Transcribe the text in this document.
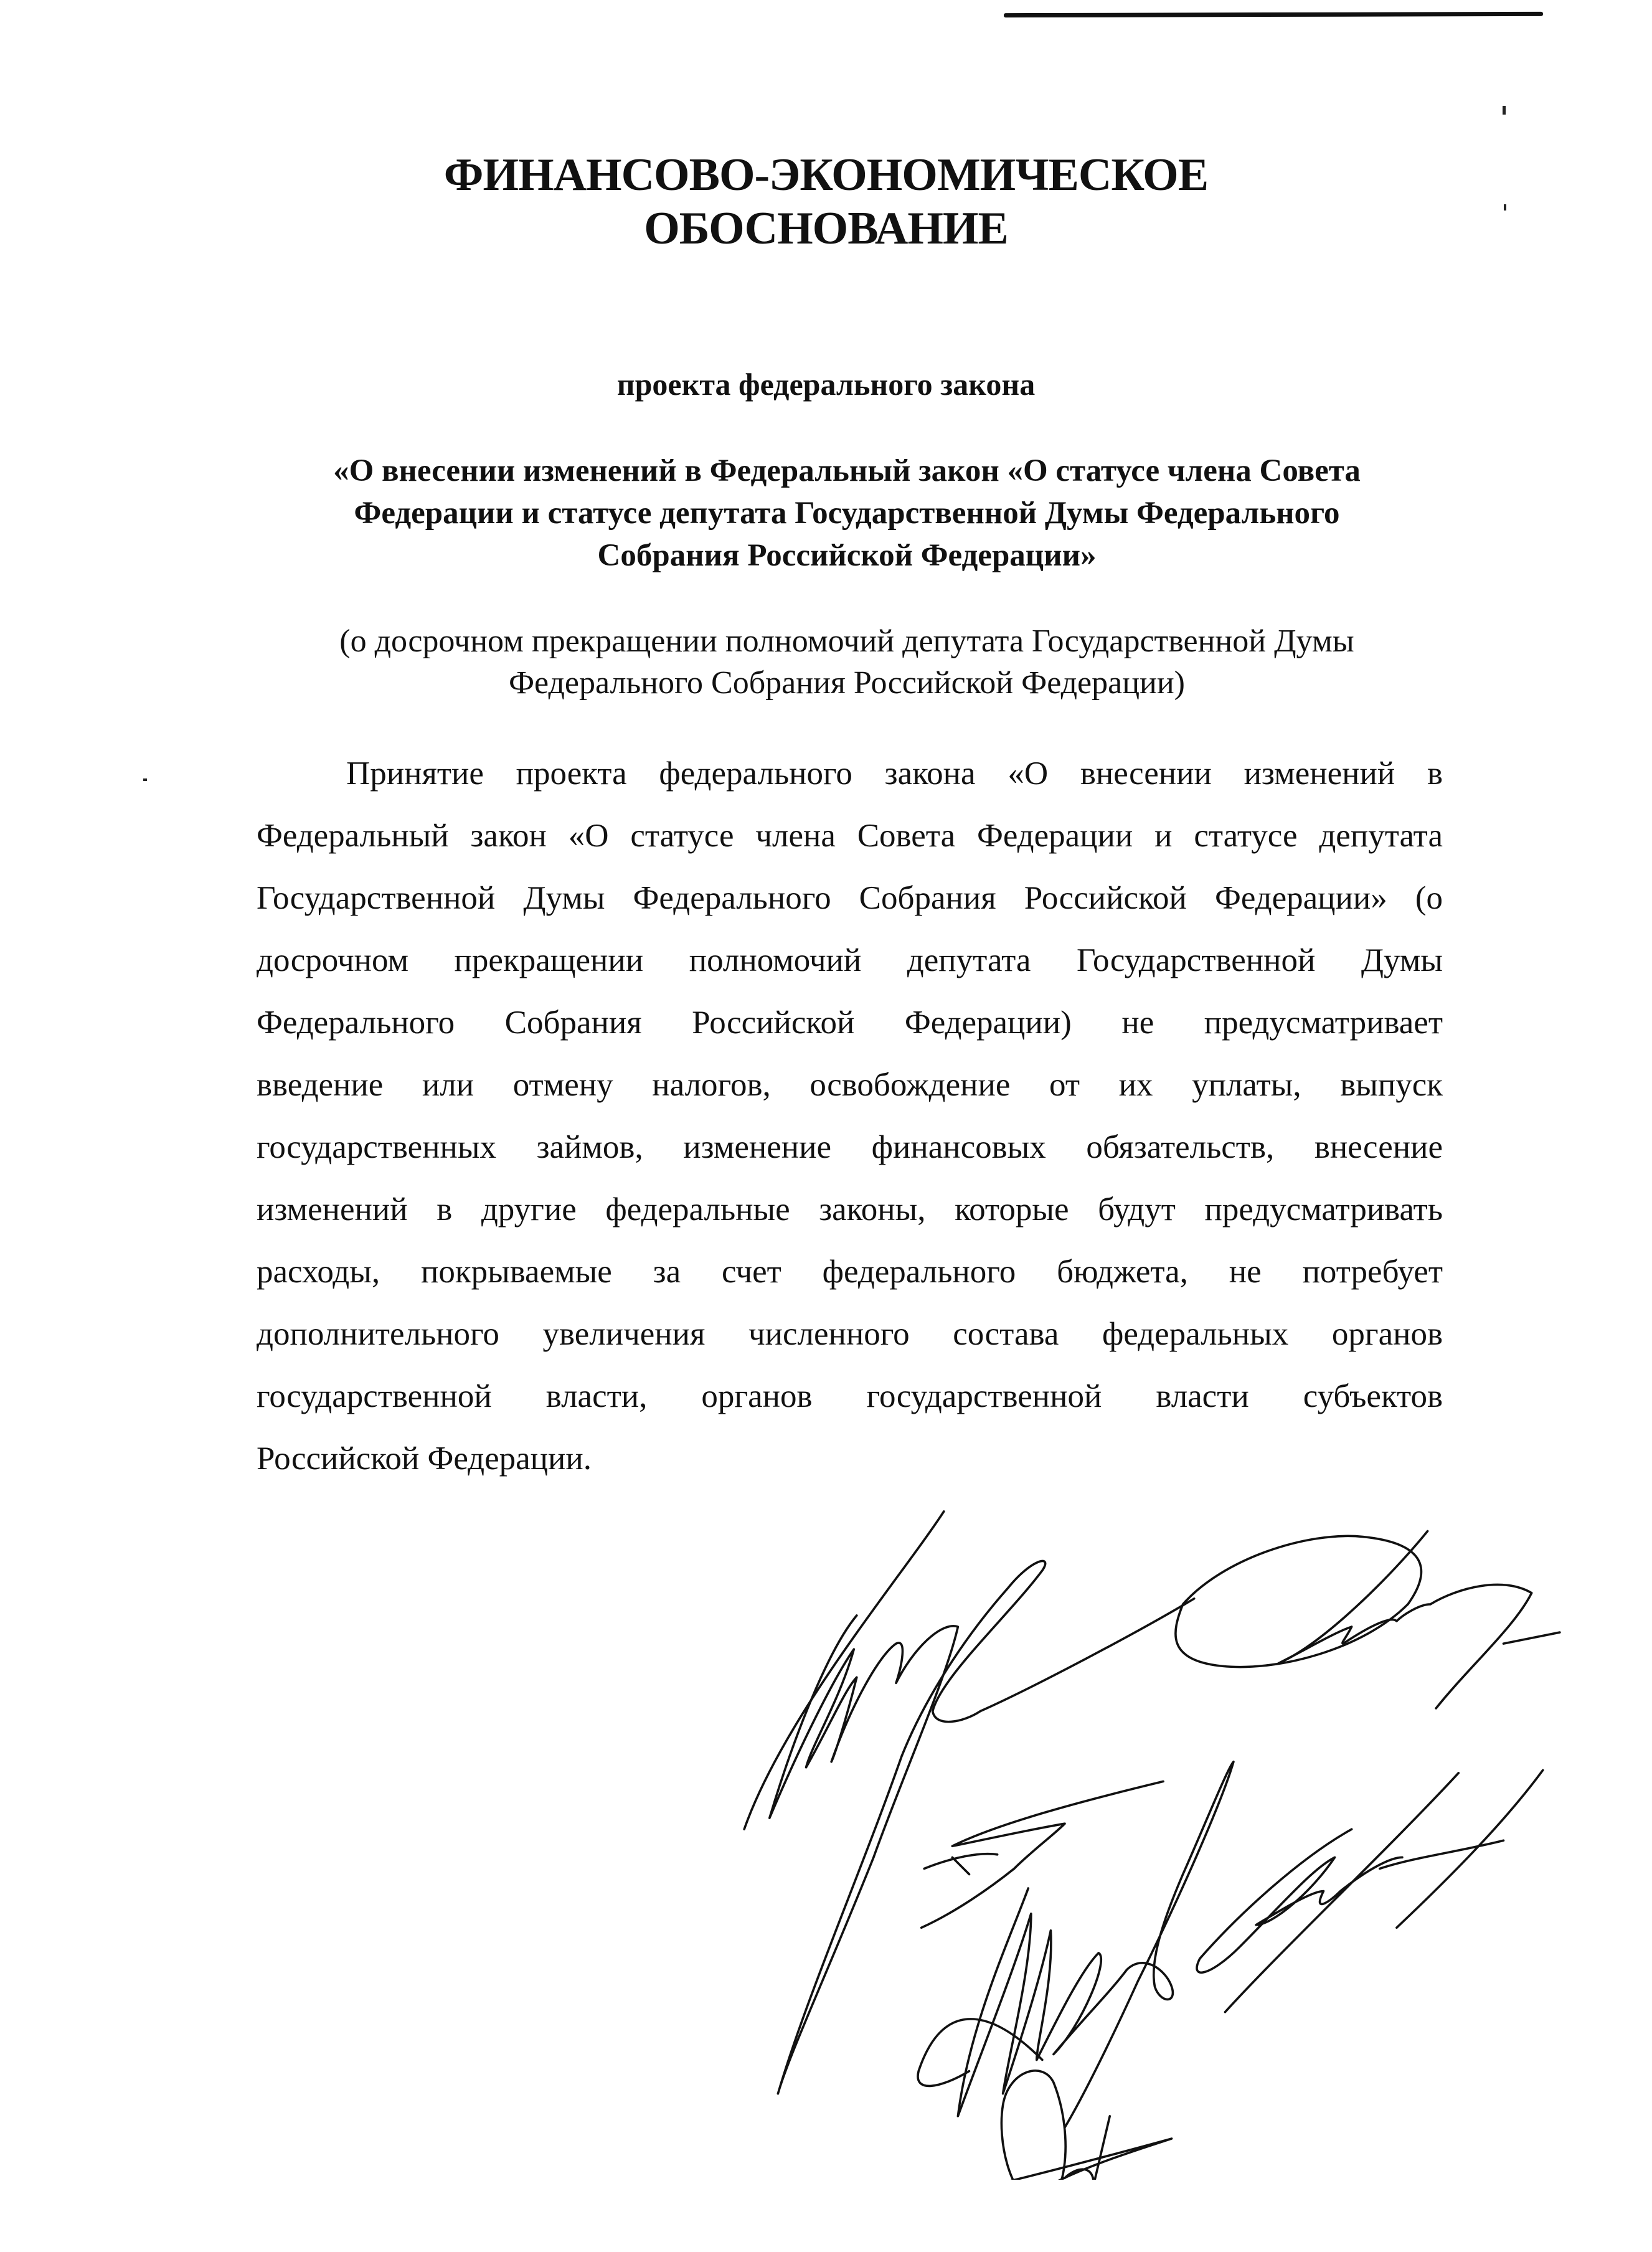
ФИНАНСОВО-ЭКОНОМИЧЕСКОЕ
ОБОСНОВАНИЕ
проекта федерального закона
«О внесении изменений в Федеральный закон «О статусе члена Совета
Федерации и статусе депутата Государственной Думы Федерального
Собрания Российской Федерации»
(о досрочном прекращении полномочий депутата Государственной Думы
Федерального Собрания Российской Федерации)
Принятие проекта федерального закона «О внесении изменений в
Федеральный закон «О статусе члена Совета Федерации и статусе депутата
Государственной Думы Федерального Собрания Российской Федерации» (о
досрочном прекращении полномочий депутата Государственной Думы
Федерального Собрания Российской Федерации) не предусматривает
введение или отмену налогов, освобождение от их уплаты, выпуск
государственных займов, изменение финансовых обязательств, внесение
изменений в другие федеральные законы, которые будут предусматривать
расходы, покрываемые за счет федерального бюджета, не потребует
дополнительного увеличения численного состава федеральных органов
государственной власти, органов государственной власти субъектов
Российской Федерации.
